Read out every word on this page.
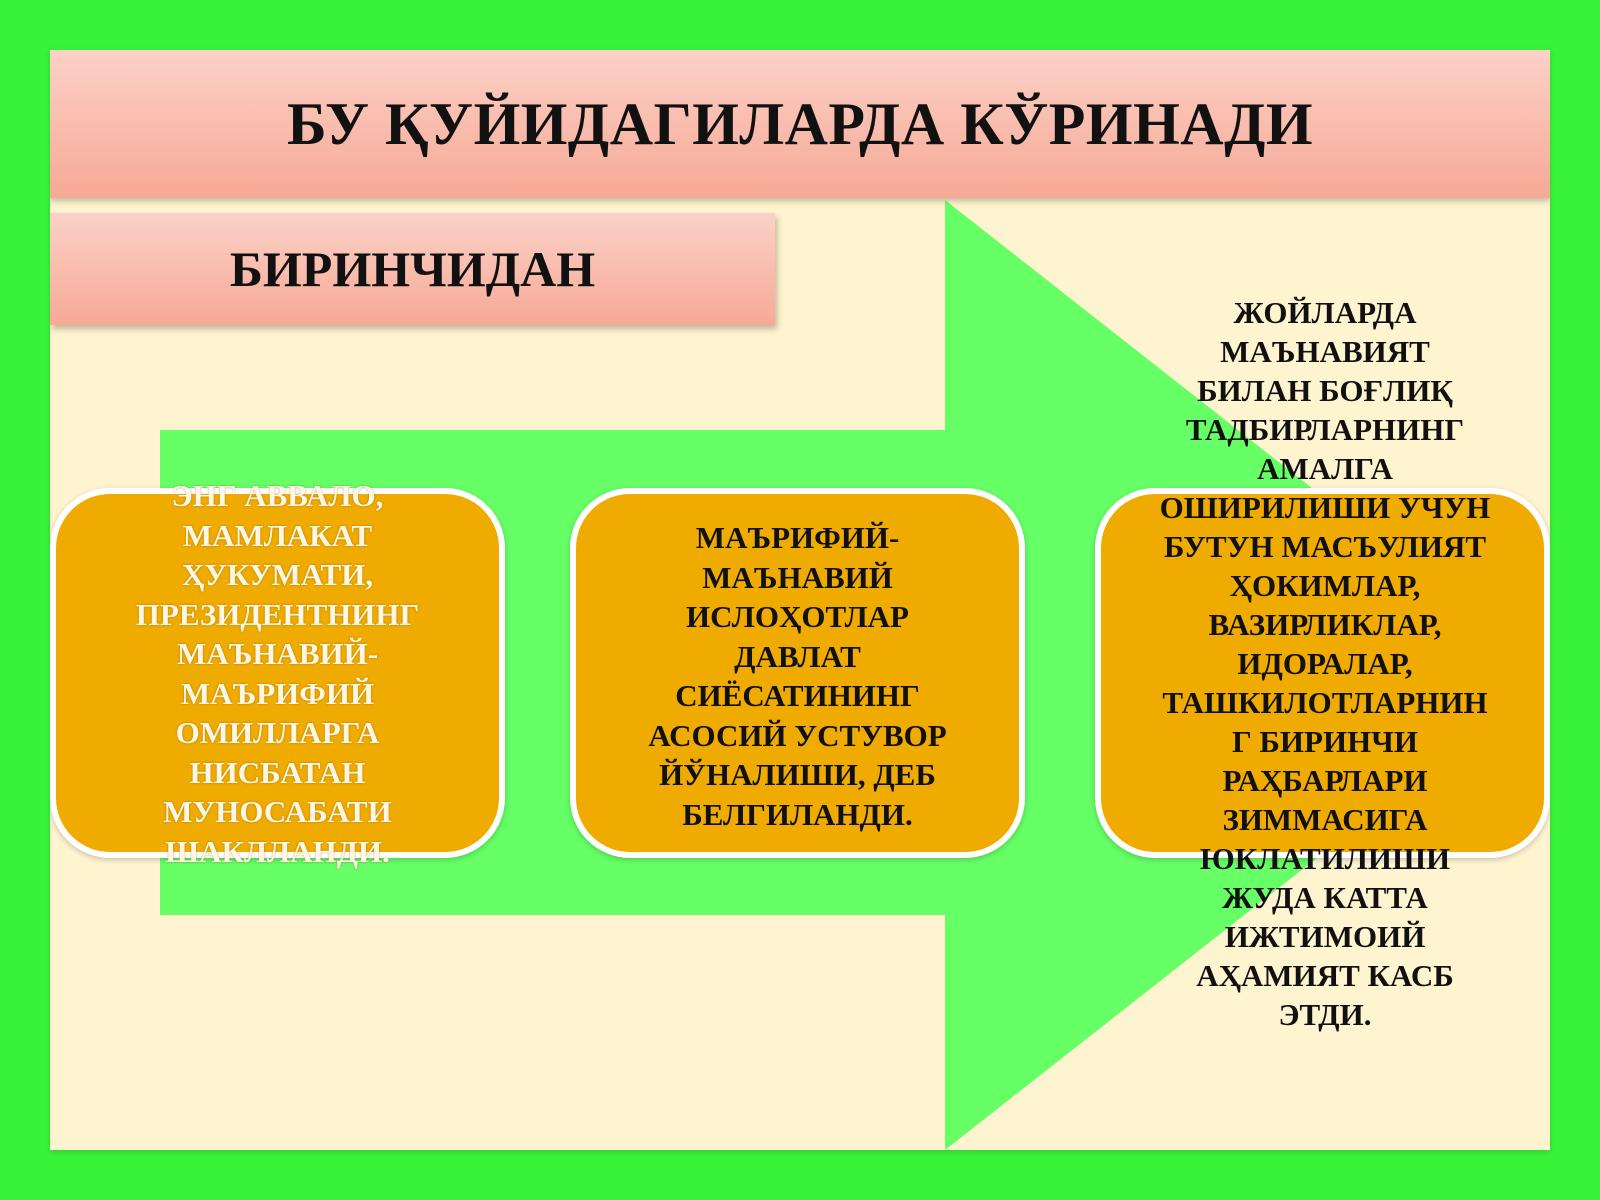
БУ ҚУЙИДАГИЛАРДА КЎРИНАДИ
БИРИНЧИДАН
ЭНГ АВВАЛО,
МАМЛАКАТ
ҲУКУМАТИ,
ПРЕЗИДЕНТНИНГ
МАЪНАВИЙ-
МАЪРИФИЙ
ОМИЛЛАРГА
НИСБАТАН
МУНОСАБАТИ
ШАКЛЛАНДИ.
МАЪРИФИЙ-
МАЪНАВИЙ
ИСЛОҲОТЛАР
ДАВЛАТ
СИЁСАТИНИНГ
АСОСИЙ УСТУВОР
ЙЎНАЛИШИ, ДЕБ
БЕЛГИЛАНДИ.
ЖОЙЛАРДА
МАЪНАВИЯТ
БИЛАН БОҒЛИҚ
ТАДБИРЛАРНИНГ
АМАЛГА
ОШИРИЛИШИ УЧУН
БУТУН МАСЪУЛИЯТ
ҲОКИМЛАР,
ВАЗИРЛИКЛАР,
ИДОРАЛАР,
ТАШКИЛОТЛАРНИН
Г БИРИНЧИ
РАҲБАРЛАРИ
ЗИММАСИГА
ЮКЛАТИЛИШИ
ЖУДА КАТТА
ИЖТИМОИЙ
АҲАМИЯТ КАСБ
ЭТДИ.
